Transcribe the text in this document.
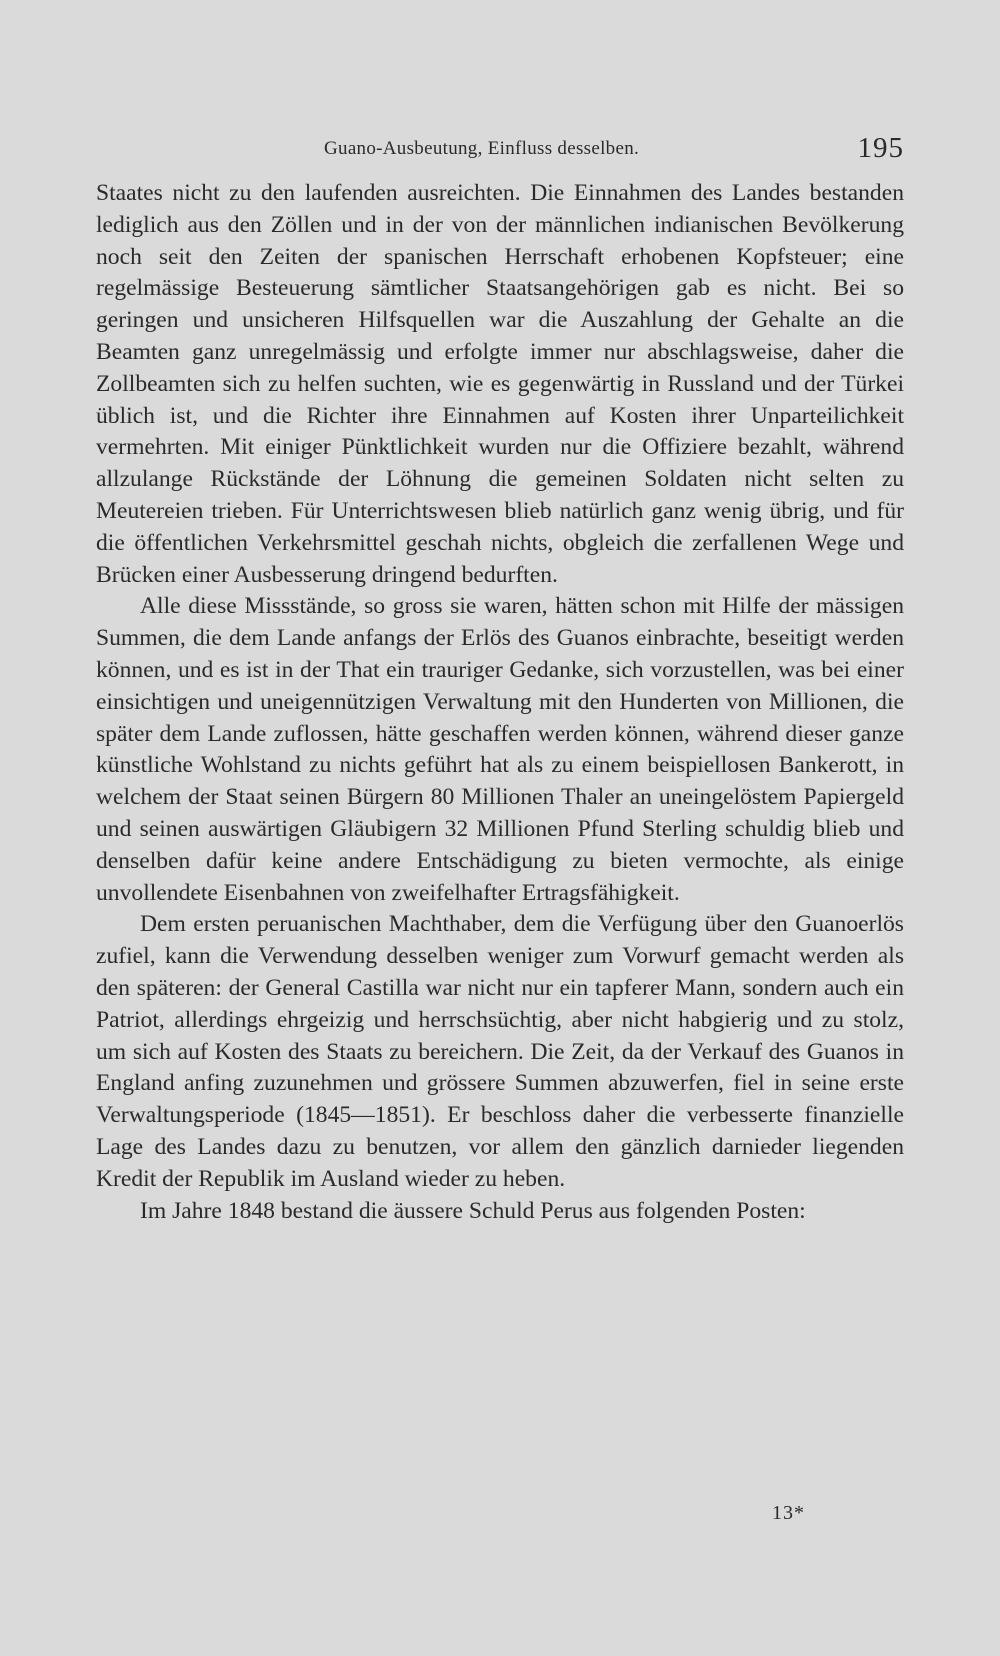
Guano-Ausbeutung, Einfluss desselben.	195

Staates nicht zu den laufenden ausreichten. Die Einnahmen des Landes bestanden lediglich aus den Zöllen und in der von der männlichen indianischen Bevölkerung noch seit den Zeiten der spanischen Herrschaft erhobenen Kopfsteuer; eine regelmässige Besteuerung sämtlicher Staatsangehörigen gab es nicht. Bei so geringen und unsicheren Hilfsquellen war die Auszahlung der Gehalte an die Beamten ganz unregelmässig und erfolgte immer nur abschlagsweise, daher die Zollbeamten sich zu helfen suchten, wie es gegenwärtig in Russland und der Türkei üblich ist, und die Richter ihre Einnahmen auf Kosten ihrer Unparteilichkeit vermehrten. Mit einiger Pünktlichkeit wurden nur die Offiziere bezahlt, während allzulange Rückstände der Löhnung die gemeinen Soldaten nicht selten zu Meutereien trieben. Für Unterrichtswesen blieb natürlich ganz wenig übrig, und für die öffentlichen Verkehrsmittel geschah nichts, obgleich die zerfallenen Wege und Brücken einer Ausbesserung dringend bedurften.

Alle diese Missstände, so gross sie waren, hätten schon mit Hilfe der mässigen Summen, die dem Lande anfangs der Erlös des Guanos einbrachte, beseitigt werden können, und es ist in der That ein trauriger Gedanke, sich vorzustellen, was bei einer einsichtigen und uneigennützigen Verwaltung mit den Hunderten von Millionen, die später dem Lande zuflossen, hätte geschaffen werden können, während dieser ganze künstliche Wohlstand zu nichts geführt hat als zu einem beispiellosen Bankerott, in welchem der Staat seinen Bürgern 80 Millionen Thaler an uneingelöstem Papiergeld und seinen auswärtigen Gläubigern 32 Millionen Pfund Sterling schuldig blieb und denselben dafür keine andere Entschädigung zu bieten vermochte, als einige unvollendete Eisenbahnen von zweifelhafter Ertragsfähigkeit.

Dem ersten peruanischen Machthaber, dem die Verfügung über den Guanoerlös zufiel, kann die Verwendung desselben weniger zum Vorwurf gemacht werden als den späteren: der General Castilla war nicht nur ein tapferer Mann, sondern auch ein Patriot, allerdings ehrgeizig und herrschsüchtig, aber nicht habgierig und zu stolz, um sich auf Kosten des Staats zu bereichern. Die Zeit, da der Verkauf des Guanos in England anfing zuzunehmen und grössere Summen abzuwerfen, fiel in seine erste Verwaltungsperiode (1845—1851). Er beschloss daher die verbesserte finanzielle Lage des Landes dazu zu benutzen, vor allem den gänzlich darnieder liegenden Kredit der Republik im Ausland wieder zu heben.

Im Jahre 1848 bestand die äussere Schuld Perus aus folgenden Posten:

13*
